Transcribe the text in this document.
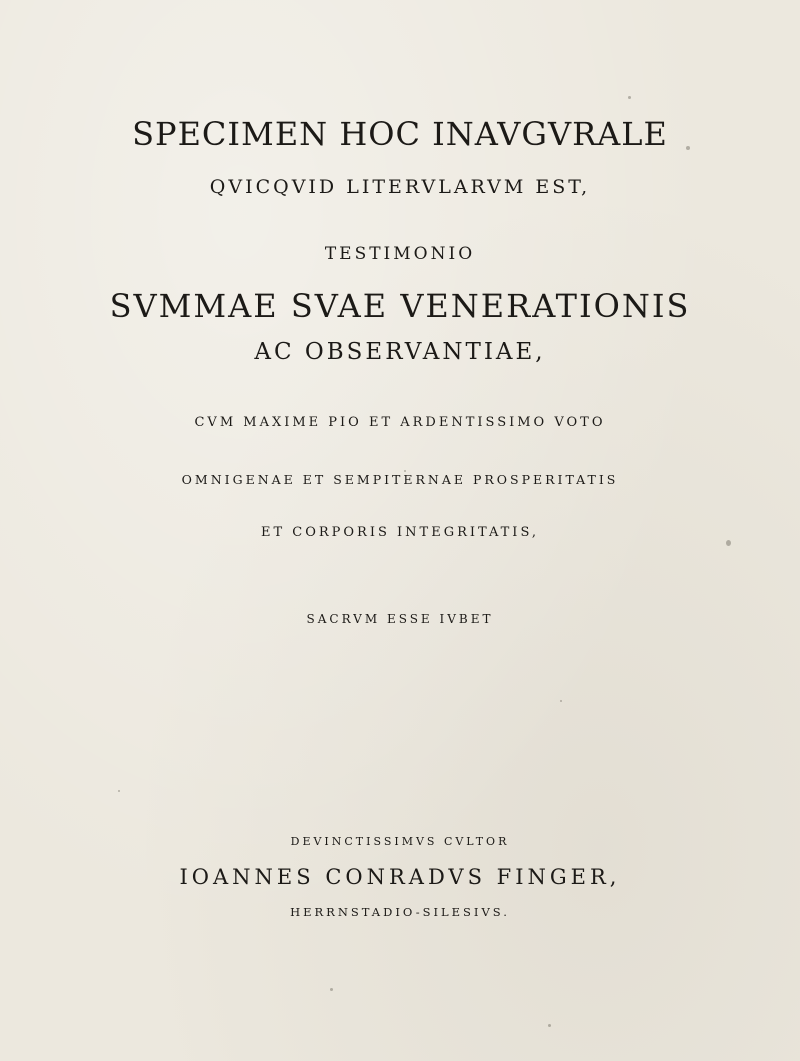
SPECIMEN HOC INAVGVRALE
QVICQVID LITERVLARVM EST,
TESTIMONIO
SVMMAE SVAE VENERATIONIS
AC OBSERVANTIAE,
CVM MAXIME PIO ET ARDENTISSIMO VOTO
OMNIGENAE ET SEMPITERNAE PROSPERITATIS
ET CORPORIS INTEGRITATIS,
SACRVM ESSE IVBET
DEVINCTISSIMVS CVLTOR
IOANNES CONRADVS FINGER,
HERRNSTADIO-SILESIVS.
